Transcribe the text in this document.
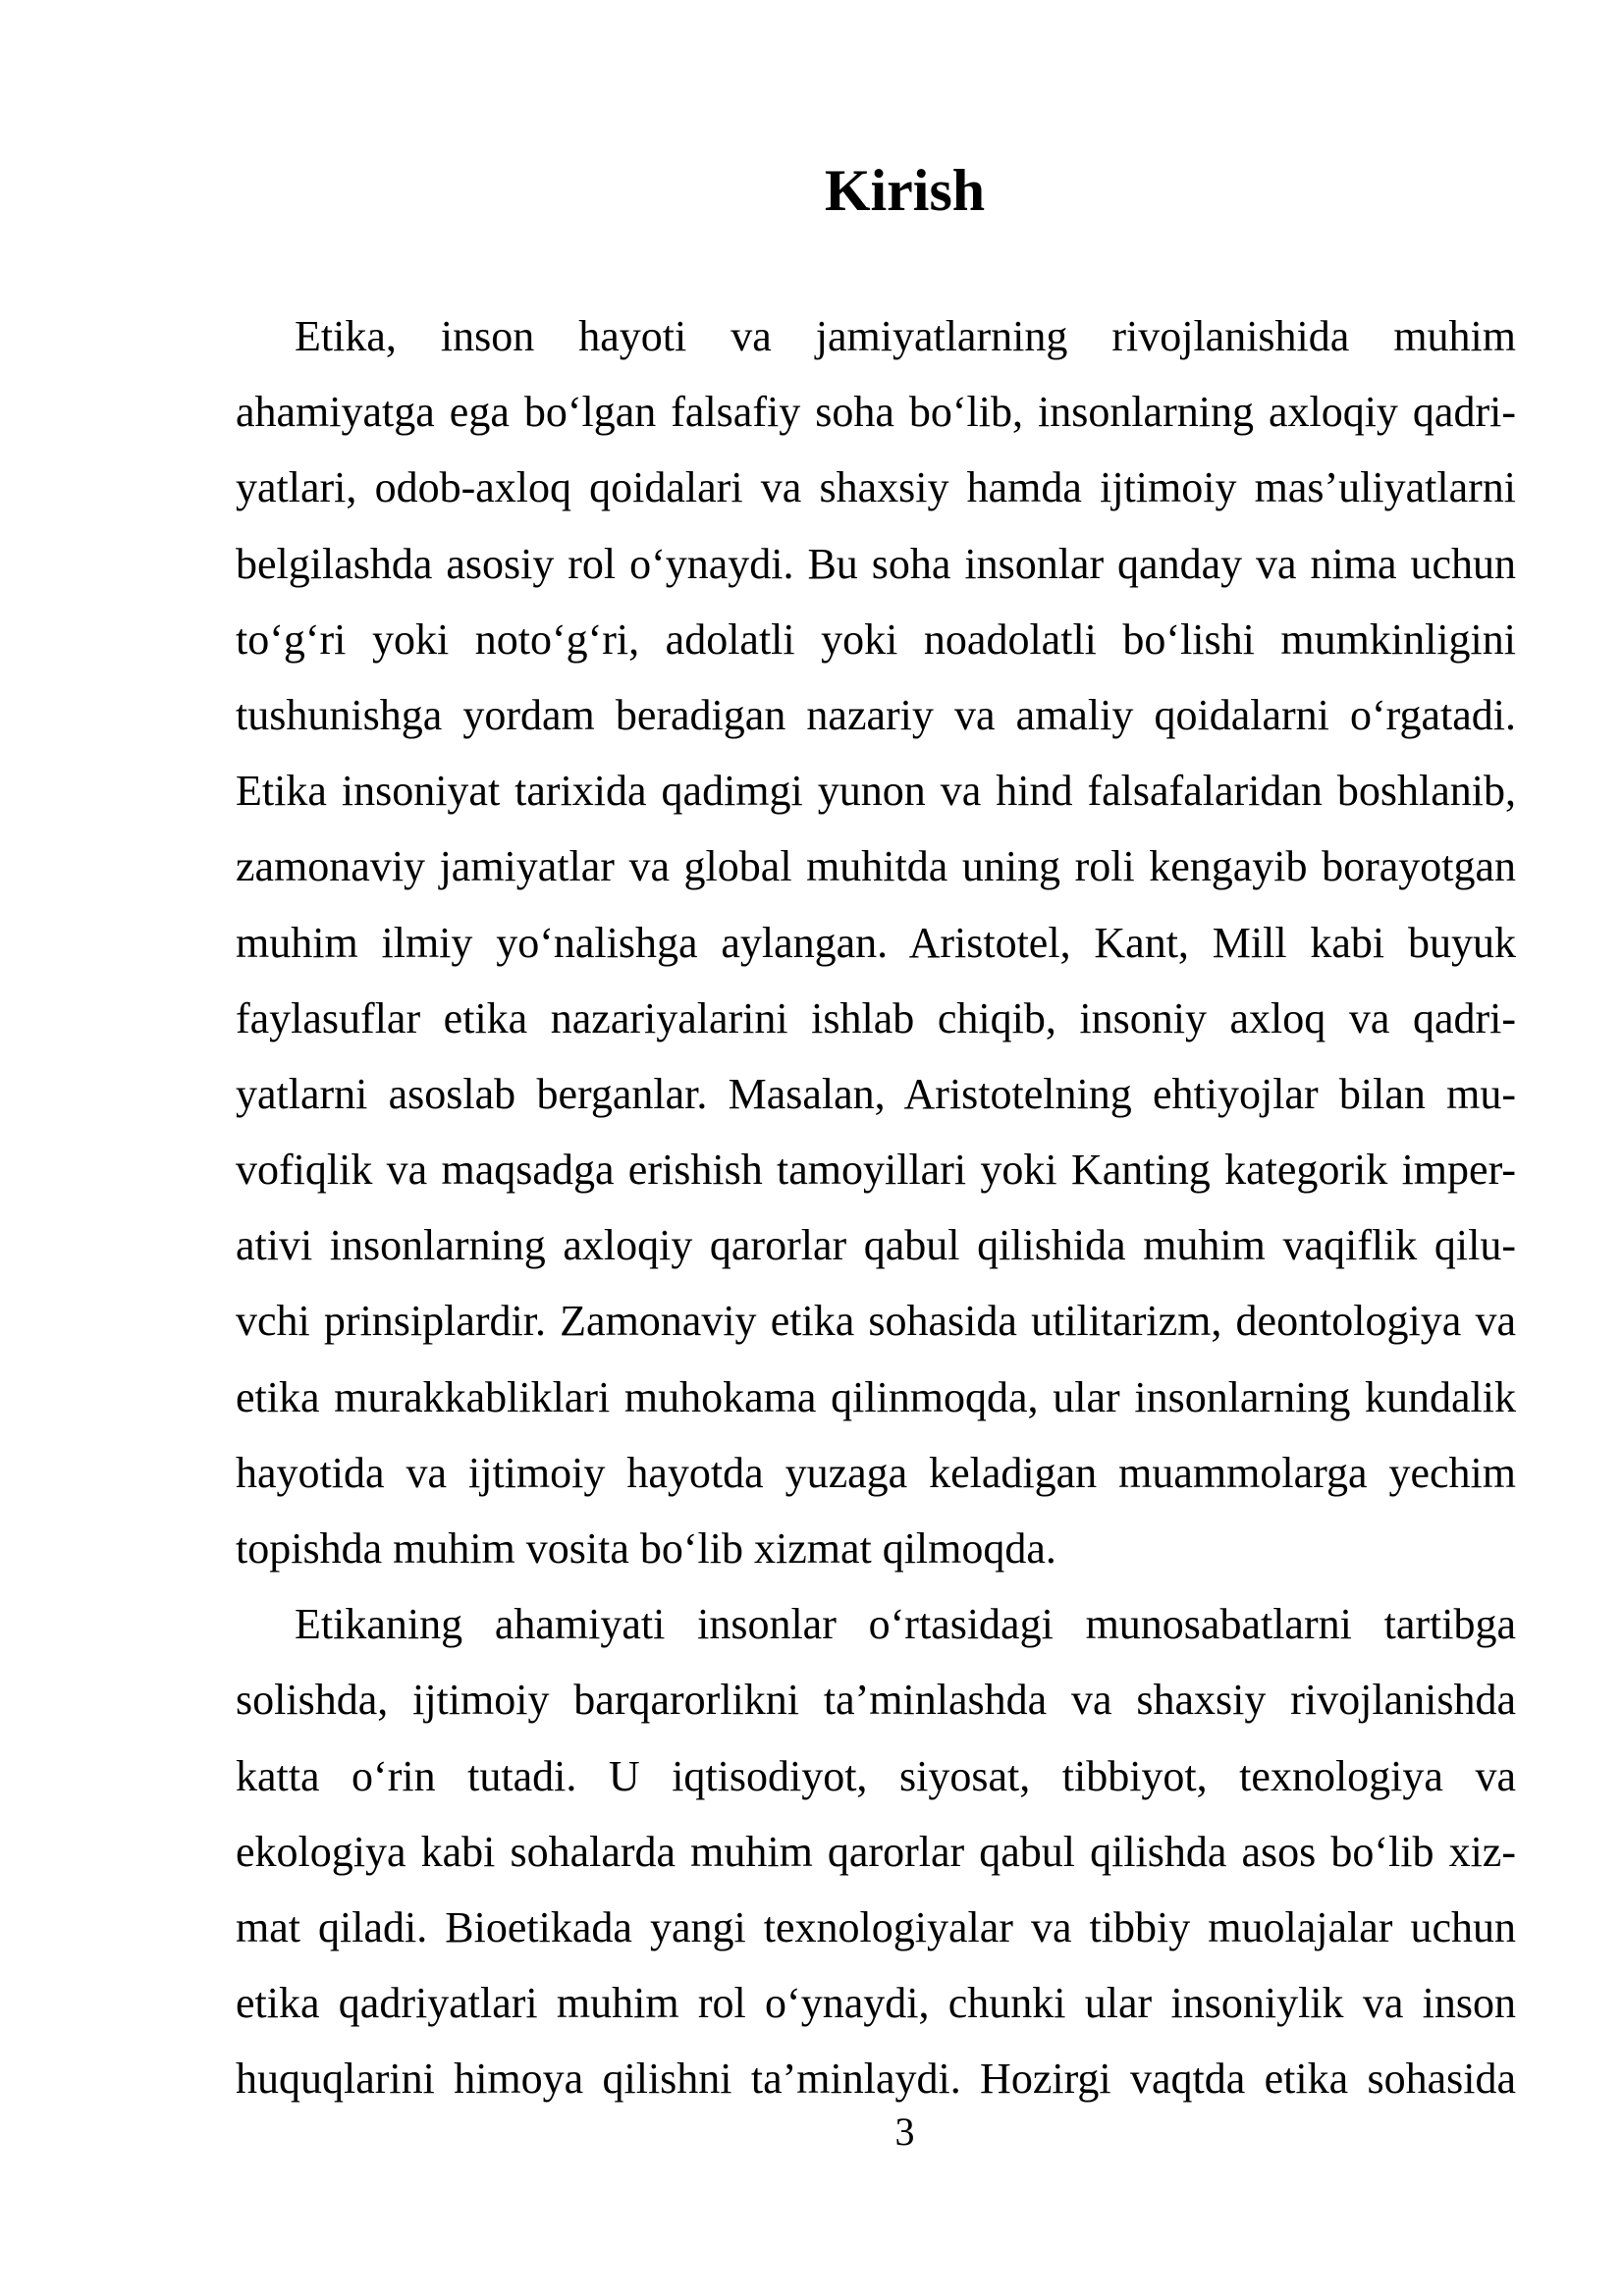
Kirish
Etika, inson hayoti va jamiyatlarning rivojlanishida muhim
ahamiyatga ega bo‘lgan falsafiy soha bo‘lib, insonlarning axloqiy qadri-
yatlari, odob-axloq qoidalari va shaxsiy hamda ijtimoiy mas’uliyatlarni
belgilashda asosiy rol o‘ynaydi. Bu soha insonlar qanday va nima uchun
to‘g‘ri yoki noto‘g‘ri, adolatli yoki noadolatli bo‘lishi mumkinligini
tushunishga yordam beradigan nazariy va amaliy qoidalarni o‘rgatadi.
Etika insoniyat tarixida qadimgi yunon va hind falsafalaridan boshlanib,
zamonaviy jamiyatlar va global muhitda uning roli kengayib borayotgan
muhim ilmiy yo‘nalishga aylangan. Aristotel, Kant, Mill kabi buyuk
faylasuflar etika nazariyalarini ishlab chiqib, insoniy axloq va qadri-
yatlarni asoslab berganlar. Masalan, Aristotelning ehtiyojlar bilan mu-
vofiqlik va maqsadga erishish tamoyillari yoki Kanting kategorik imper-
ativi insonlarning axloqiy qarorlar qabul qilishida muhim vaqiflik qilu-
vchi prinsiplardir. Zamonaviy etika sohasida utilitarizm, deontologiya va
etika murakkabliklari muhokama qilinmoqda, ular insonlarning kundalik
hayotida va ijtimoiy hayotda yuzaga keladigan muammolarga yechim
topishda muhim vosita bo‘lib xizmat qilmoqda.
Etikaning ahamiyati insonlar o‘rtasidagi munosabatlarni tartibga
solishda, ijtimoiy barqarorlikni ta’minlashda va shaxsiy rivojlanishda
katta o‘rin tutadi. U iqtisodiyot, siyosat, tibbiyot, texnologiya va
ekologiya kabi sohalarda muhim qarorlar qabul qilishda asos bo‘lib xiz-
mat qiladi. Bioetikada yangi texnologiyalar va tibbiy muolajalar uchun
etika qadriyatlari muhim rol o‘ynaydi, chunki ular insoniylik va inson
huquqlarini himoya qilishni ta’minlaydi. Hozirgi vaqtda etika sohasida
3
